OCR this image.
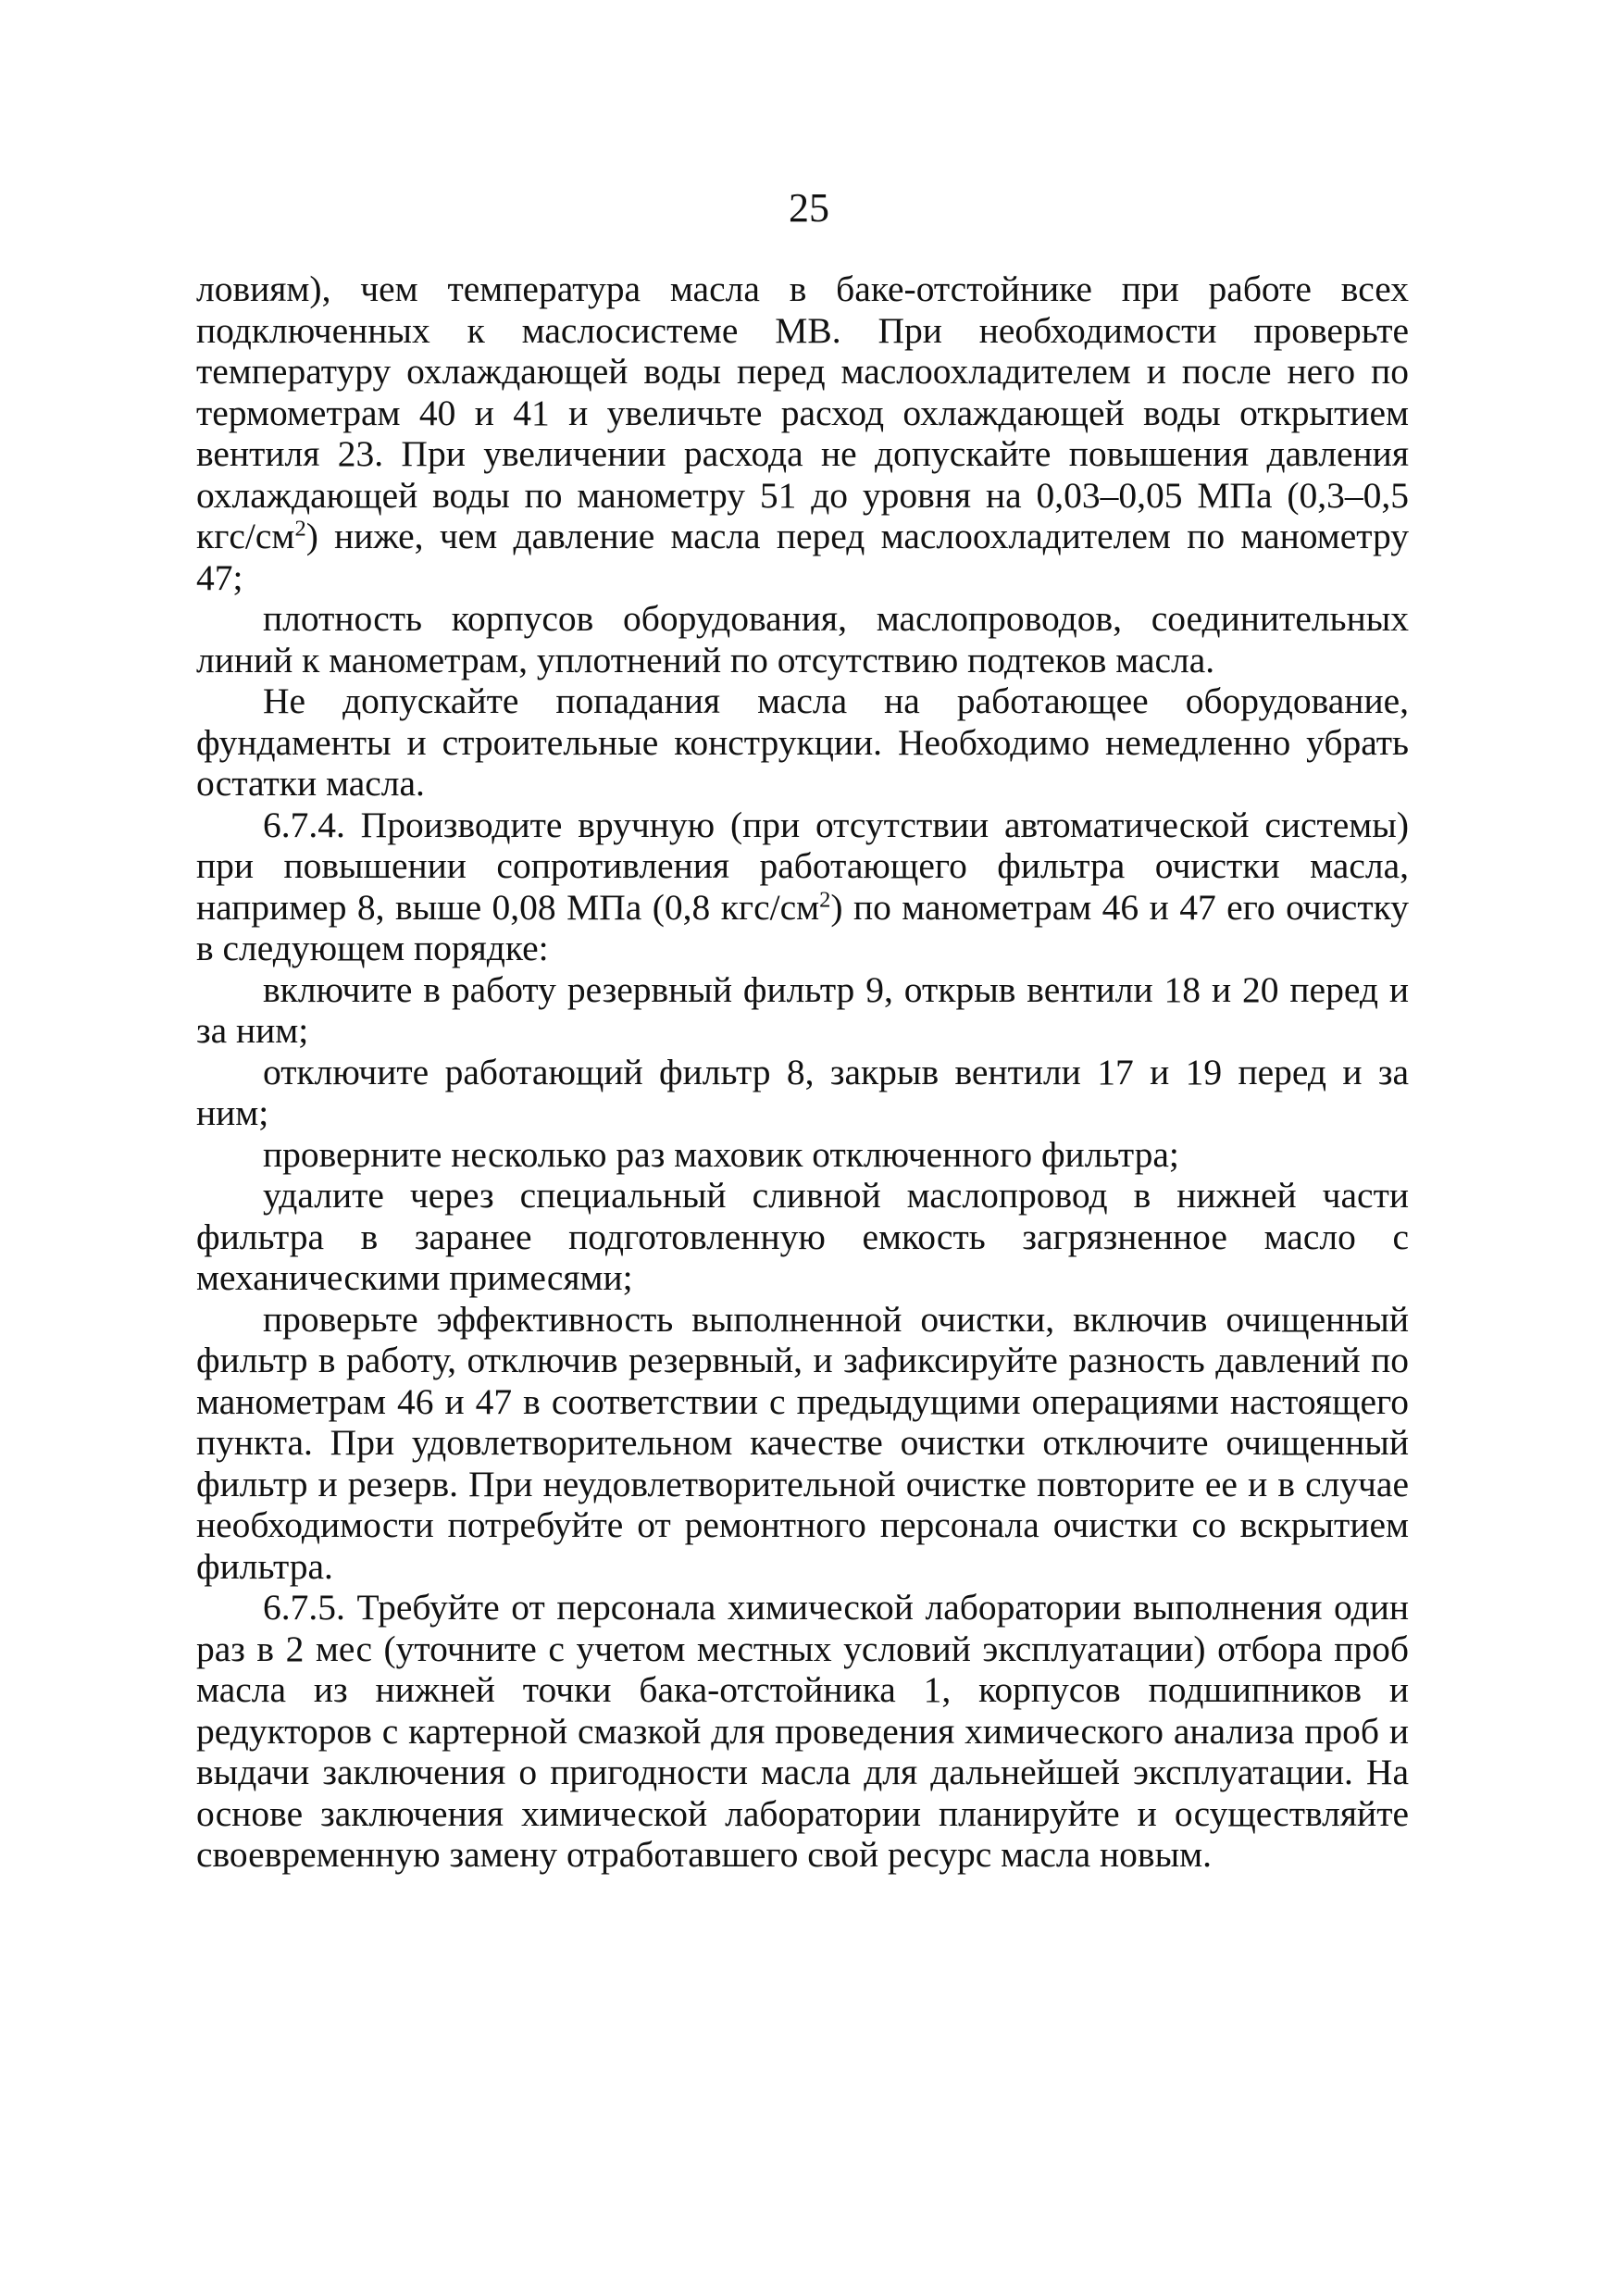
25

ловиям), чем температура масла в баке-отстойнике при работе всех подключенных к маслосистеме МВ. При необходимости проверьте температуру охлаждающей воды перед маслоохладителем и после него по термометрам 40 и 41 и увеличьте расход охлаждающей воды открытием вентиля 23. При увеличении расхода не допускайте повышения давления охлаждающей воды по манометру 51 до уровня на 0,03–0,05 МПа (0,3–0,5 кгс/$см^2$) ниже, чем давление масла перед маслоохладителем по манометру 47;

плотность корпусов оборудования, маслопроводов, соединительных линий к манометрам, уплотнений по отсутствию подтеков масла.

Не допускайте попадания масла на работающее оборудование, фундаменты и строительные конструкции. Необходимо немедленно убрать остатки масла.

6.7.4. Производите вручную (при отсутствии автоматической системы) при повышении сопротивления работающего фильтра очистки масла, например 8, выше 0,08 МПа (0,8 кгс/$см^2$) по манометрам 46 и 47 его очистку в следующем порядке:

включите в работу резервный фильтр 9, открыв вентили 18 и 20 перед и за ним;

отключите работающий фильтр 8, закрыв вентили 17 и 19 перед и за ним;

проверните несколько раз маховик отключенного фильтра;

удалите через специальный сливной маслопровод в нижней части фильтра в заранее подготовленную емкость загрязненное масло с механическими примесями;

проверьте эффективность выполненной очистки, включив очищенный фильтр в работу, отключив резервный, и зафиксируйте разность давлений по манометрам 46 и 47 в соответствии с предыдущими операциями настоящего пункта. При удовлетворительном качестве очистки отключите очищенный фильтр и резерв. При неудовлетворительной очистке повторите ее и в случае необходимости потребуйте от ремонтного персонала очистки со вскрытием фильтра.

6.7.5. Требуйте от персонала химической лаборатории выполнения один раз в 2 мес (уточните с учетом местных условий эксплуатации) отбора проб масла из нижней точки бака-отстойника 1, корпусов подшипников и редукторов с картерной смазкой для проведения химического анализа проб и выдачи заключения о пригодности масла для дальнейшей эксплуатации. На основе заключения химической лаборатории планируйте и осуществляйте своевременную замену отработавшего свой ресурс масла новым.
